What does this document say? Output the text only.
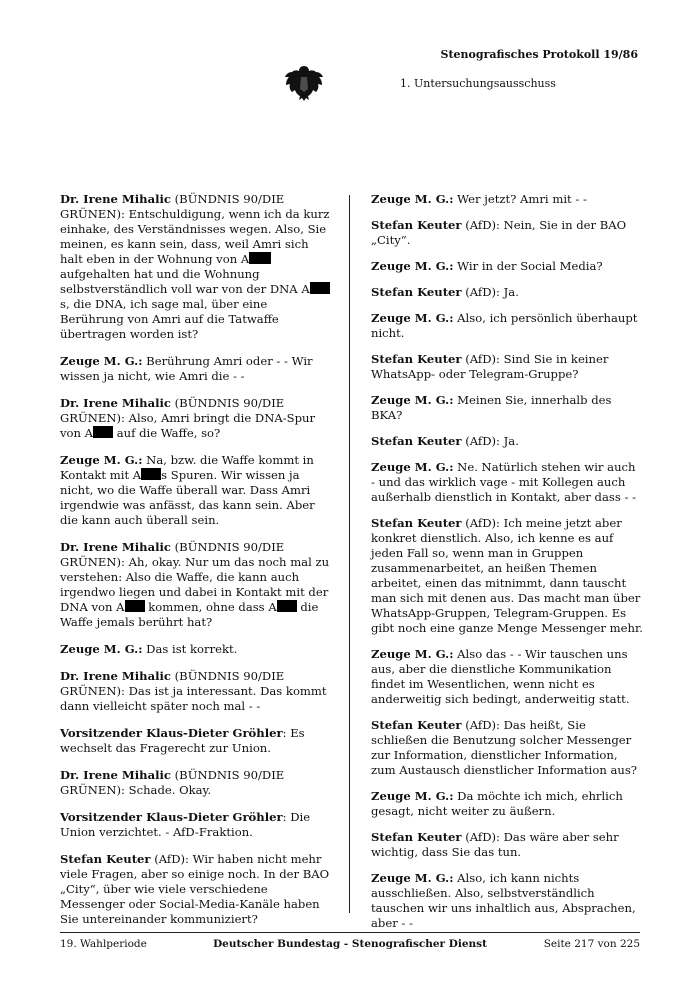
Stenografisches Protokoll 19/86
1. Untersuchungsausschuss

Dr. Irene Mihalic (BÜNDNIS 90/DIE GRÜNEN): Entschuldigung, wenn ich da kurz einhake, des Verständnisses wegen. Also, Sie meinen, es kann sein, dass, weil Amri sich halt eben in der Wohnung von A aufgehalten hat und die Wohnung selbstverständlich voll war von der DNA As, die DNA, ich sage mal, über eine Berührung von Amri auf die Tatwaffe übertragen worden ist?

Zeuge M. G.: Berührung Amri oder - - Wir wissen ja nicht, wie Amri die - -

Dr. Irene Mihalic (BÜNDNIS 90/DIE GRÜNEN): Also, Amri bringt die DNA-Spur von A auf die Waffe, so?

Zeuge M. G.: Na, bzw. die Waffe kommt in Kontakt mit A s Spuren. Wir wissen ja nicht, wo die Waffe überall war. Dass Amri irgendwie was anfässt, das kann sein. Aber die kann auch überall sein.

Dr. Irene Mihalic (BÜNDNIS 90/DIE GRÜNEN): Ah, okay. Nur um das noch mal zu verstehen: Also die Waffe, die kann auch irgendwo liegen und dabei in Kontakt mit der DNA von A kommen, ohne dass A die Waffe jemals berührt hat?

Zeuge M. G.: Das ist korrekt.

Dr. Irene Mihalic (BÜNDNIS 90/DIE GRÜNEN): Das ist ja interessant. Das kommt dann vielleicht später noch mal - -

Vorsitzender Klaus-Dieter Gröhler: Es wechselt das Fragerecht zur Union.

Dr. Irene Mihalic (BÜNDNIS 90/DIE GRÜNEN): Schade. Okay.

Vorsitzender Klaus-Dieter Gröhler: Die Union verzichtet. - AfD-Fraktion.

Stefan Keuter (AfD): Wir haben nicht mehr viele Fragen, aber so einige noch. In der BAO „City“, über wie viele verschiedene Messenger oder Social-Media-Kanäle haben Sie untereinander kommuniziert?

Zeuge M. G.: Wer jetzt? Amri mit - -

Stefan Keuter (AfD): Nein, Sie in der BAO „City“.

Zeuge M. G.: Wir in der Social Media?

Stefan Keuter (AfD): Ja.

Zeuge M. G.: Also, ich persönlich überhaupt nicht.

Stefan Keuter (AfD): Sind Sie in keiner WhatsApp- oder Telegram-Gruppe?

Zeuge M. G.: Meinen Sie, innerhalb des BKA?

Stefan Keuter (AfD): Ja.

Zeuge M. G.: Ne. Natürlich stehen wir auch - und das wirklich vage - mit Kollegen auch außerhalb dienstlich in Kontakt, aber dass - -

Stefan Keuter (AfD): Ich meine jetzt aber konkret dienstlich. Also, ich kenne es auf jeden Fall so, wenn man in Gruppen zusammenarbeitet, an heißen Themen arbeitet, einen das mitnimmt, dann tauscht man sich mit denen aus. Das macht man über WhatsApp-Gruppen, Telegram-Gruppen. Es gibt noch eine ganze Menge Messenger mehr.

Zeuge M. G.: Also das - - Wir tauschen uns aus, aber die dienstliche Kommunikation findet im Wesentlichen, wenn nicht es anderweitig sich bedingt, anderweitig statt.

Stefan Keuter (AfD): Das heißt, Sie schließen die Benutzung solcher Messenger zur Information, dienstlicher Information, zum Austausch dienstlicher Information aus?

Zeuge M. G.: Da möchte ich mich, ehrlich gesagt, nicht weiter zu äußern.

Stefan Keuter (AfD): Das wäre aber sehr wichtig, dass Sie das tun.

Zeuge M. G.: Also, ich kann nichts ausschließen. Also, selbstverständlich tauschen wir uns inhaltlich aus, Absprachen, aber - -

19. Wahlperiode	Deutscher Bundestag - Stenografischer Dienst	Seite 217 von 225
